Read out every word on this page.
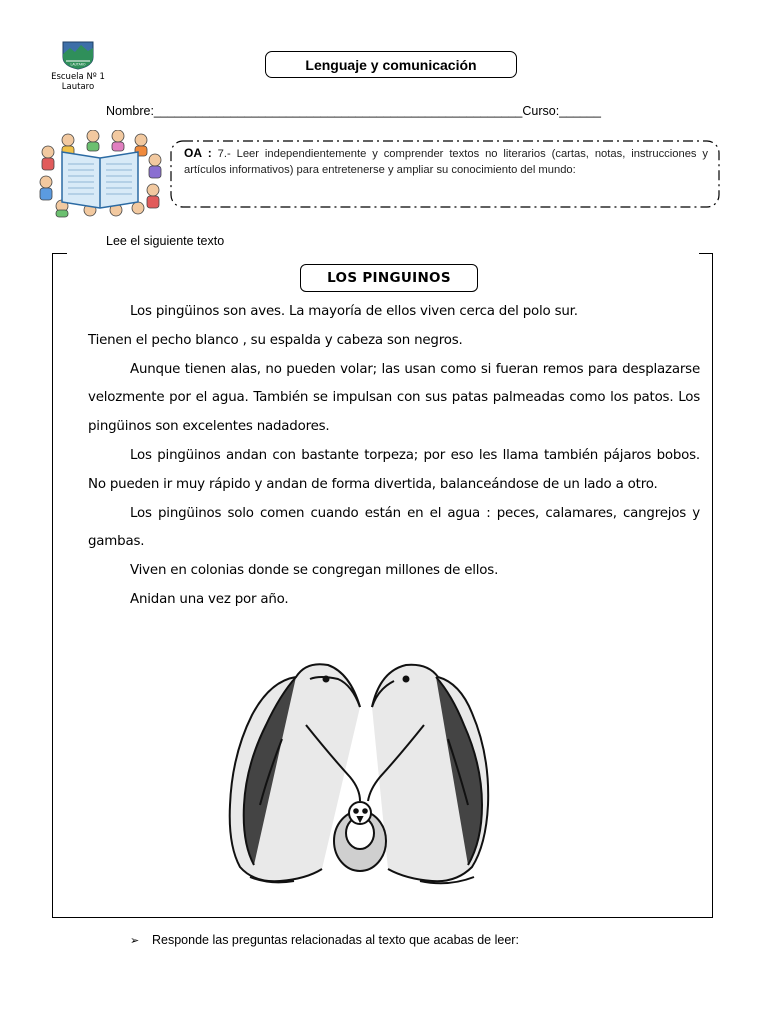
LAUTARO
Escuela Nº 1
Lautaro
Lenguaje y comunicación
Nombre:_____________________________________________________Curso:______
OA : 7.- Leer independientemente y comprender textos no literarios (cartas, notas, instrucciones y artículos informativos) para entretenerse y ampliar su conocimiento del mundo:
Lee el siguiente texto
LOS PINGUINOS

Los pingüinos son aves. La mayoría de ellos viven cerca del polo sur.

Tienen el pecho blanco , su espalda y cabeza son negros.

Aunque tienen alas, no pueden volar; las usan como si fueran remos para desplazarse velozmente por el agua. También se impulsan con sus patas palmeadas como los patos. Los pingüinos son excelentes nadadores.

Los pingüinos andan con bastante torpeza; por eso les llama también pájaros bobos. No pueden ir muy rápido y andan de forma divertida, balanceándose de un lado a otro.

Los pingüinos solo comen cuando están en el agua : peces, calamares, cangrejos y gambas.

Viven en colonias donde se congregan millones de ellos.

Anidan una vez por año.

➢ Responde las preguntas relacionadas al texto que acabas de leer:
